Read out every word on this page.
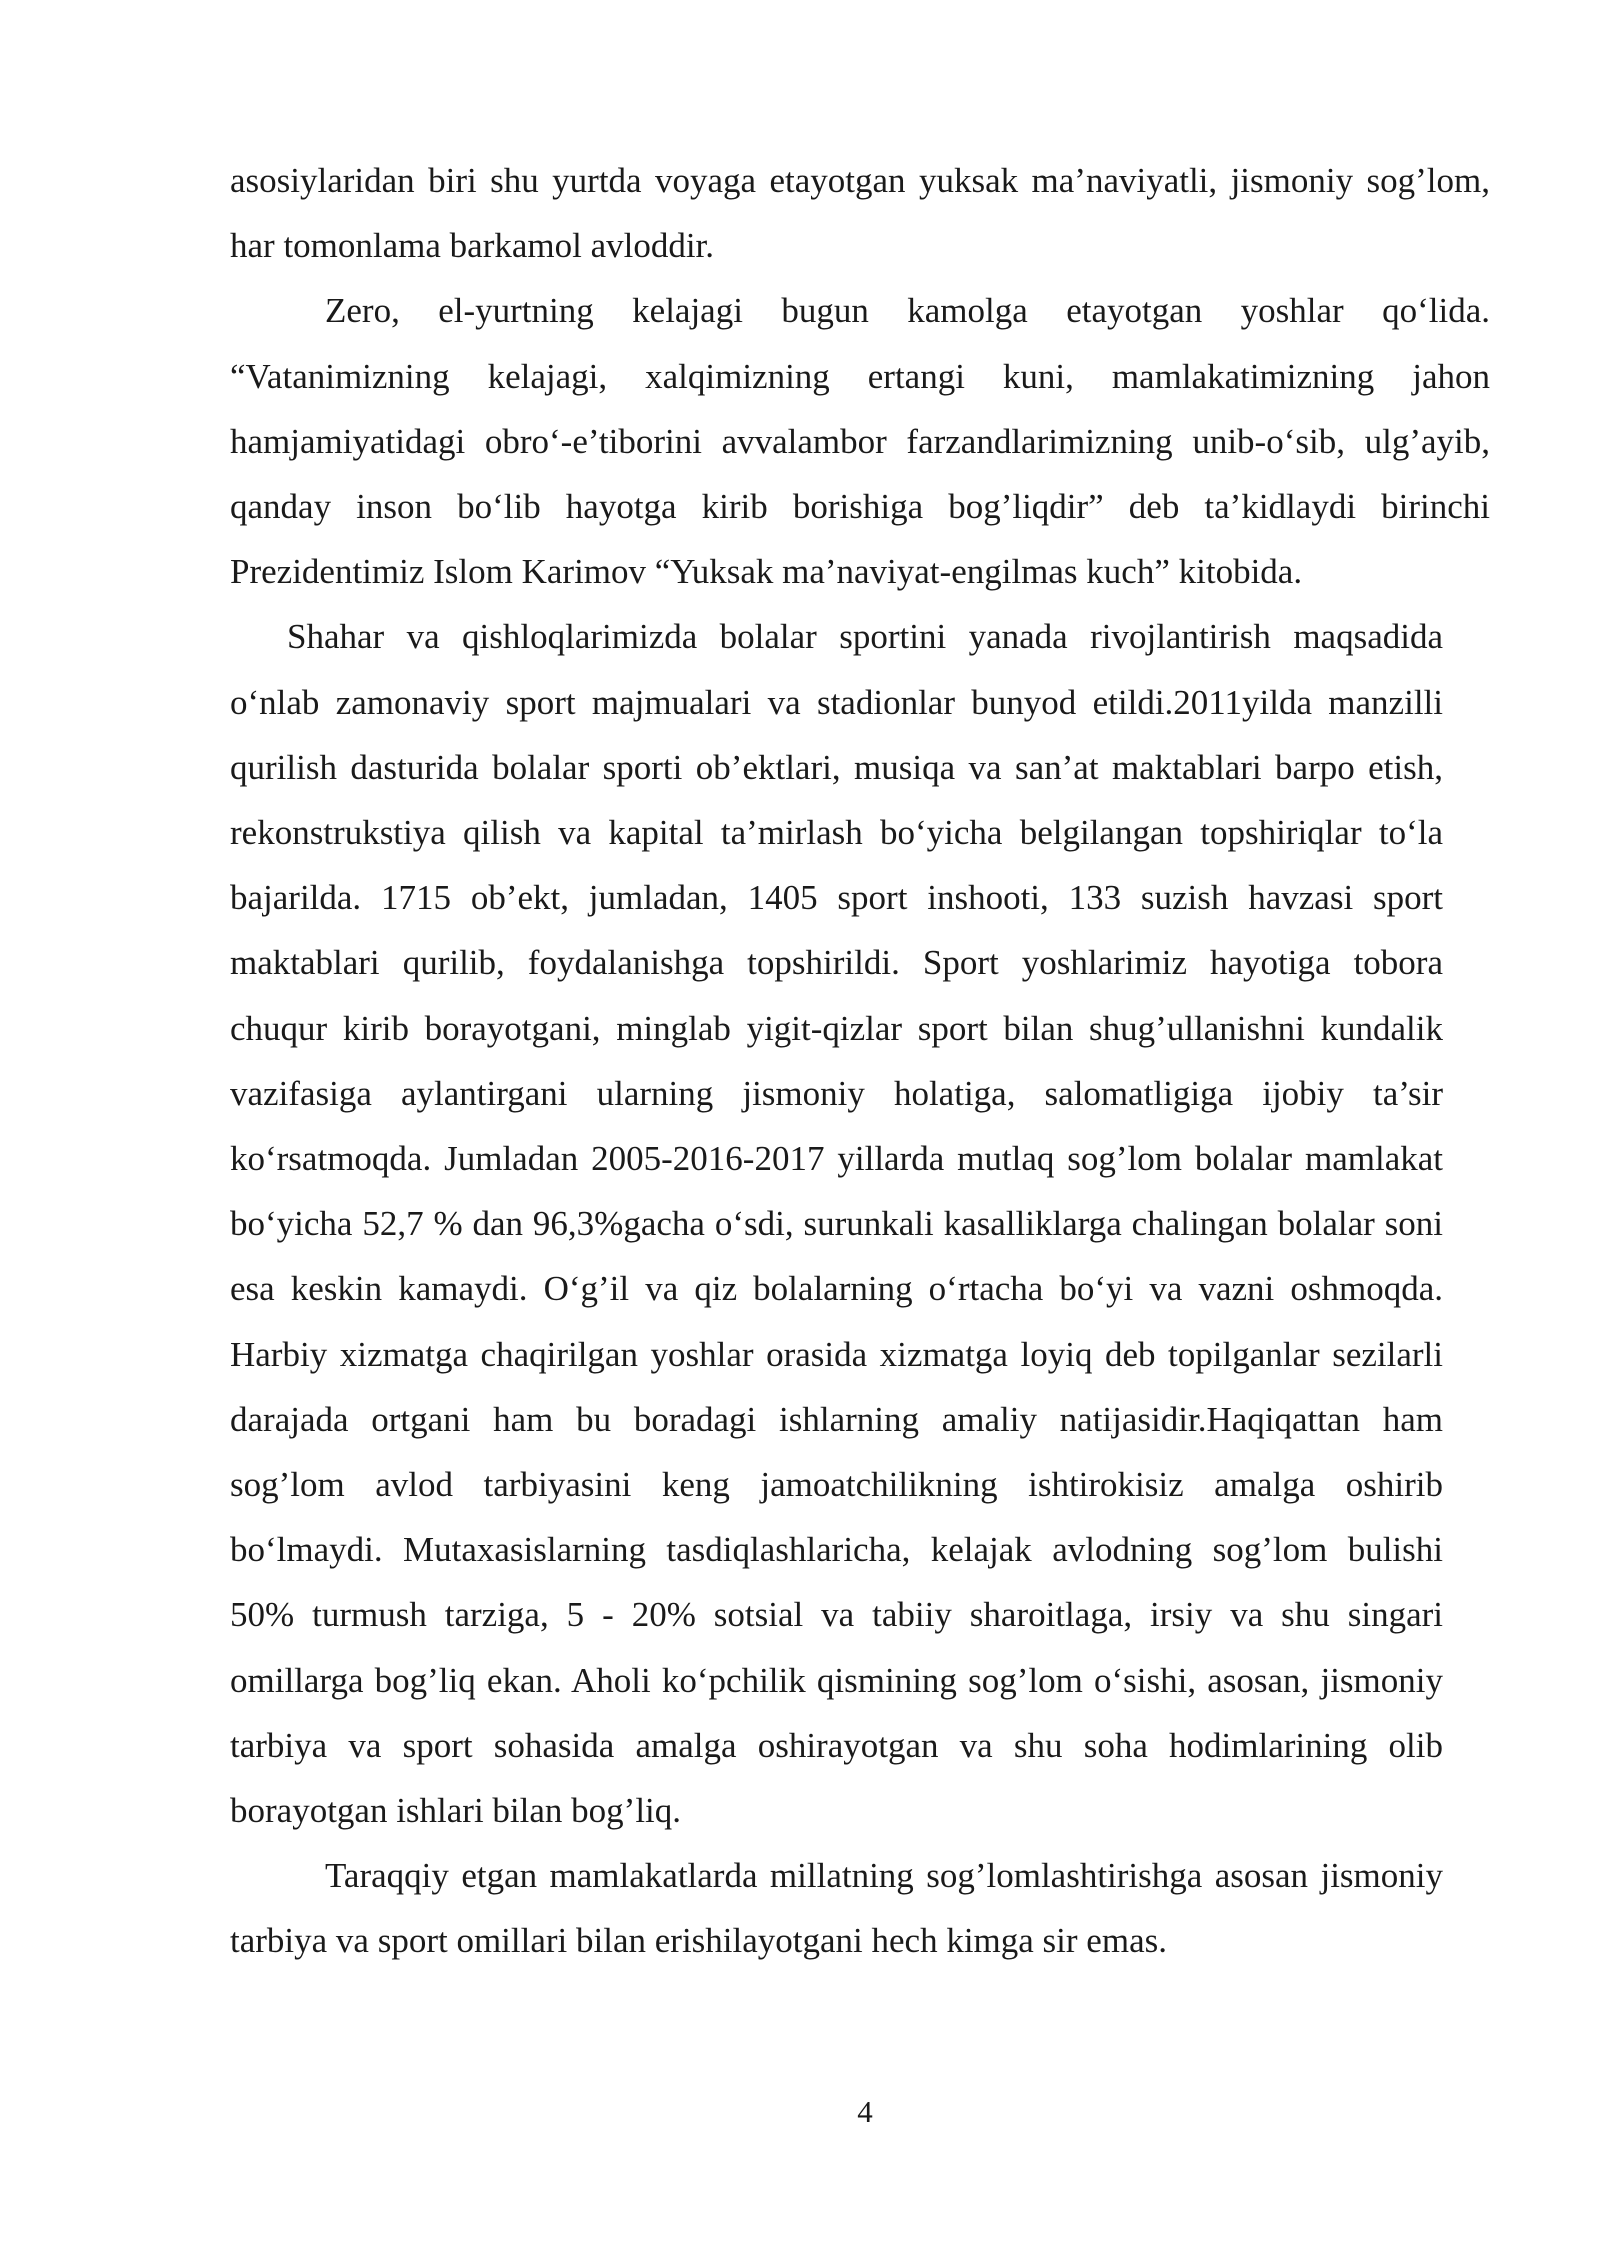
asosiylaridan biri shu yurtda voyaga etayotgan yuksak ma’naviyatli, jismoniy sog’lom, har tomonlama barkamol avloddir.

Zero, el-yurtning kelajagi bugun kamolga etayotgan yoshlar qo‘lida. “Vatanimizning kelajagi, xalqimizning ertangi kuni, mamlakatimizning jahon hamjamiyatidagi obro‘-e’tiborini avvalambor farzandlarimizning unib-o‘sib, ulg’ayib, qanday inson bo‘lib hayotga kirib borishiga bog’liqdir” deb ta’kidlaydi birinchi Prezidentimiz Islom Karimov “Yuksak ma’naviyat-engilmas kuch” kitobida.

Shahar va qishloqlarimizda bolalar sportini yanada rivojlantirish maqsadida o‘nlab zamonaviy sport majmualari va stadionlar bunyod etildi.2011yilda manzilli qurilish dasturida bolalar sporti ob’ektlari, musiqa va san’at maktablari barpo etish, rekonstrukstiya qilish va kapital ta’mirlash bo‘yicha belgilangan topshiriqlar to‘la bajarilda. 1715 ob’ekt, jumladan, 1405 sport inshooti, 133 suzish havzasi sport maktablari qurilib, foydalanishga topshirildi. Sport yoshlarimiz hayotiga tobora chuqur kirib borayotgani, minglab yigit-qizlar sport bilan shug’ullanishni kundalik vazifasiga aylantirgani ularning jismoniy holatiga, salomatligiga ijobiy ta’sir ko‘rsatmoqda. Jumladan 2005-2016-2017 yillarda mutlaq sog’lom bolalar mamlakat bo‘yicha 52,7 % dan 96,3%gacha o‘sdi, surunkali kasalliklarga chalingan bolalar soni esa keskin kamaydi. O‘g’il va qiz bolalarning o‘rtacha bo‘yi va vazni oshmoqda. Harbiy xizmatga chaqirilgan yoshlar orasida xizmatga loyiq deb topilganlar sezilarli darajada ortgani ham bu boradagi ishlarning amaliy natijasidir.Haqiqattan ham sog’lom avlod tarbiyasini keng jamoatchilikning ishtirokisiz amalga oshirib bo‘lmaydi. Mutaxasislarning tasdiqlashlaricha, kelajak avlodning sog’lom bulishi 50% turmush tarziga, 5 - 20% sotsial va tabiiy sharoitlaga, irsiy va shu singari omillarga bog’liq ekan. Aholi ko‘pchilik qismining sog’lom o‘sishi, asosan, jismoniy tarbiya va sport sohasida amalga oshirayotgan va shu soha hodimlarining olib borayotgan ishlari bilan bog’liq.

Taraqqiy etgan mamlakatlarda millatning sog’lomlashtirishga asosan jismoniy tarbiya va sport omillari bilan erishilayotgani hech kimga sir emas.

4
